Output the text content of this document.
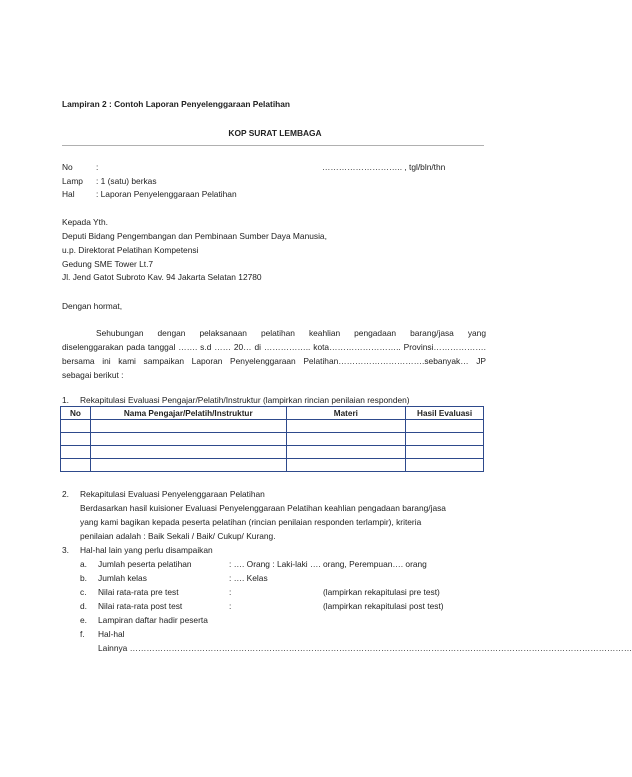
Lampiran 2 : Contoh Laporan Penyelenggaraan Pelatihan
KOP SURAT LEMBAGA
No	:	……………………….. , tgl/bln/thn
Lamp : 1 (satu) berkas
Hal	: Laporan Penyelenggaraan Pelatihan
Kepada Yth.
Deputi Bidang Pengembangan dan Pembinaan Sumber Daya Manusia,
u.p. Direktorat Pelatihan Kompetensi
Gedung SME Tower Lt.7
Jl. Jend Gatot Subroto Kav. 94 Jakarta Selatan 12780
Dengan hormat,
Sehubungan dengan pelaksanaan pelatihan keahlian pengadaan barang/jasa yang
diselenggarakan pada tanggal ……. s.d …… 20… di …………….. kota…………………….. Provinsi……………….
bersama ini kami sampaikan Laporan Penyelenggaraan Pelatihan………………………….sebanyak… JP
sebagai berikut :
1. Rekapitulasi Evaluasi Pengajar/Pelatih/Instruktur (lampirkan rincian penilaian responden)
No	Nama Pengajar/Pelatih/Instruktur	Materi	Hasil Evaluasi

2. Rekapitulasi Evaluasi Penyelenggaraan Pelatihan
Berdasarkan hasil kuisioner Evaluasi Penyelenggaraan Pelatihan keahlian pengadaan barang/jasa
yang kami bagikan kepada peserta pelatihan (rincian penilaian responden terlampir), kriteria
penilaian adalah : Baik Sekali / Baik/ Cukup/ Kurang.
3. Hal-hal lain yang perlu disampaikan
a. Jumlah peserta pelatihan	: …. Orang : Laki-laki …. orang, Perempuan…. orang
b. Jumlah kelas	: …. Kelas
c. Nilai rata-rata pre test	:	(lampirkan rekapitulasi pre test)
d. Nilai rata-rata post test	:	(lampirkan rekapitulasi post test)
e. Lampiran daftar hadir peserta
f. Hal-hal
Lainnya ………………………………………………………………………………………………………………………………………………………………
